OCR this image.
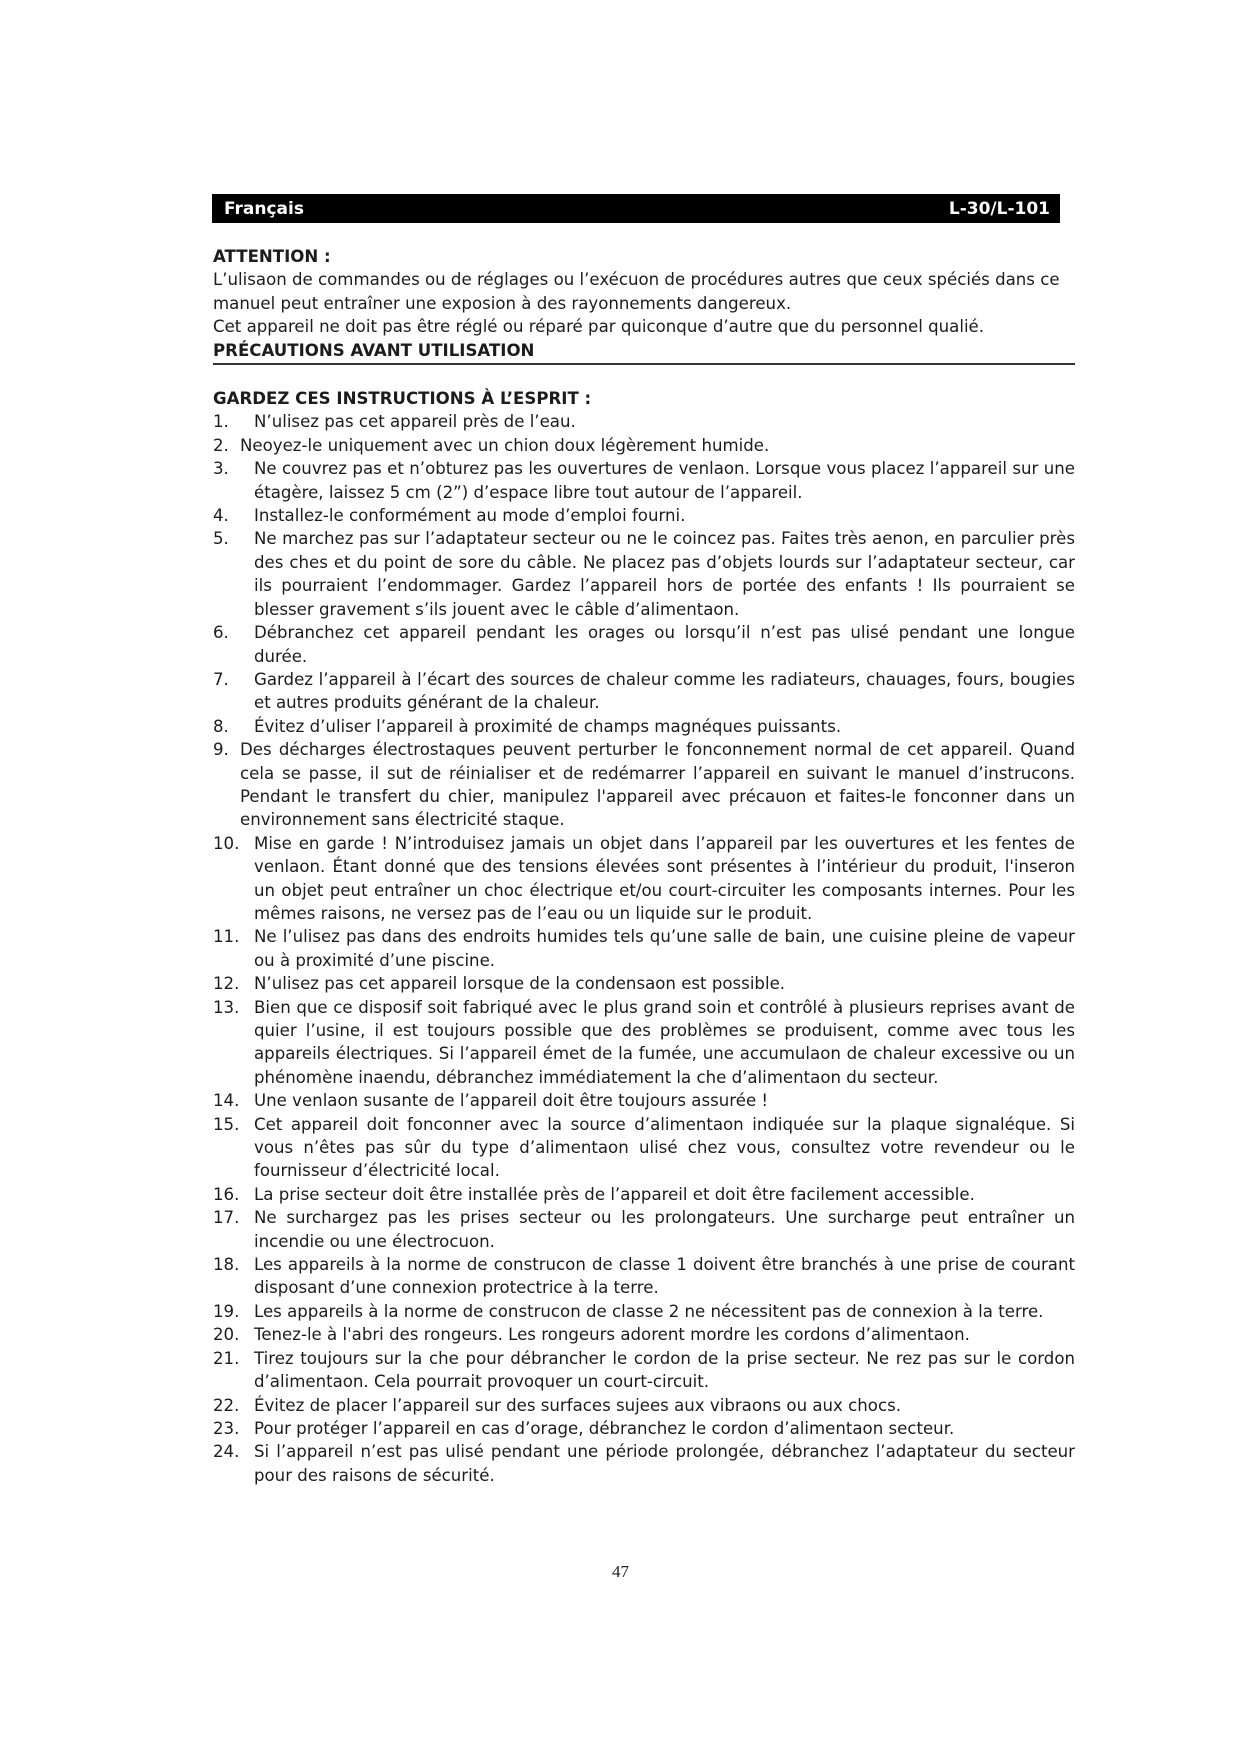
Français	L-30/L-101

ATTENTION :

L’ulisaon de commandes ou de réglages ou l’exécuon de procédures autres que ceux spéciés dans ce manuel peut entraîner une exposion à des rayonnements dangereux.

Cet appareil ne doit pas être réglé ou réparé par quiconque d’autre que du personnel qualié.

PRÉCAUTIONS AVANT UTILISATION

GARDEZ CES INSTRUCTIONS À L’ESPRIT :

1.	N’ulisez pas cet appareil près de l’eau.
2. Neoyez-le uniquement avec un chion doux légèrement humide.
3.	Ne couvrez pas et n’obturez pas les ouvertures de venlaon. Lorsque vous placez l’appareil sur une étagère, laissez 5 cm (2”) d’espace libre tout autour de l’appareil.
4.	Installez-le conformément au mode d’emploi fourni.
5.	Ne marchez pas sur l’adaptateur secteur ou ne le coincez pas. Faites très aenon, en parculier près des ches et du point de sore du câble. Ne placez pas d’objets lourds sur l’adaptateur secteur, car ils pourraient l’endommager. Gardez l’appareil hors de portée des enfants ! Ils pourraient se blesser gravement s’ils jouent avec le câble d’alimentaon.
6.	Débranchez cet appareil pendant les orages ou lorsqu’il n’est pas ulisé pendant une longue durée.
7.	Gardez l’appareil à l’écart des sources de chaleur comme les radiateurs, chauages, fours, bougies et autres produits générant de la chaleur.
8.	Évitez d’uliser l’appareil à proximité de champs magnéques puissants.
9. Des décharges électrostaques peuvent perturber le fonconnement normal de cet appareil. Quand cela se passe, il sut de réinialiser et de redémarrer l’appareil en suivant le manuel d’instrucons. Pendant le transfert du chier, manipulez l'appareil avec précauon et faites-le fonconner dans un environnement sans électricité staque.
10. Mise en garde ! N’introduisez jamais un objet dans l’appareil par les ouvertures et les fentes de venlaon. Étant donné que des tensions élevées sont présentes à l’intérieur du produit, l'inseron un objet peut entraîner un choc électrique et/ou court-circuiter les composants internes. Pour les mêmes raisons, ne versez pas de l’eau ou un liquide sur le produit.
11. Ne l’ulisez pas dans des endroits humides tels qu’une salle de bain, une cuisine pleine de vapeur ou à proximité d’une piscine.
12. N’ulisez pas cet appareil lorsque de la condensaon est possible.
13. Bien que ce disposif soit fabriqué avec le plus grand soin et contrôlé à plusieurs reprises avant de quier l’usine, il est toujours possible que des problèmes se produisent, comme avec tous les appareils électriques. Si l’appareil émet de la fumée, une accumulaon de chaleur excessive ou un phénomène inaendu, débranchez immédiatement la che d’alimentaon du secteur.
14. Une venlaon susante de l’appareil doit être toujours assurée !
15. Cet appareil doit fonconner avec la source d’alimentaon indiquée sur la plaque signaléque. Si vous n’êtes pas sûr du type d’alimentaon ulisé chez vous, consultez votre revendeur ou le fournisseur d’électricité local.
16. La prise secteur doit être installée près de l’appareil et doit être facilement accessible.
17. Ne surchargez pas les prises secteur ou les prolongateurs. Une surcharge peut entraîner un incendie ou une électrocuon.
18. Les appareils à la norme de construcon de classe 1 doivent être branchés à une prise de courant disposant d’une connexion protectrice à la terre.
19. Les appareils à la norme de construcon de classe 2 ne nécessitent pas de connexion à la terre.
20. Tenez-le à l'abri des rongeurs. Les rongeurs adorent mordre les cordons d’alimentaon.
21. Tirez toujours sur la che pour débrancher le cordon de la prise secteur. Ne rez pas sur le cordon d’alimentaon. Cela pourrait provoquer un court-circuit.
22. Évitez de placer l’appareil sur des surfaces sujees aux vibraons ou aux chocs.
23. Pour protéger l’appareil en cas d’orage, débranchez le cordon d’alimentaon secteur.
24. Si l’appareil n’est pas ulisé pendant une période prolongée, débranchez l’adaptateur du secteur pour des raisons de sécurité.
47
